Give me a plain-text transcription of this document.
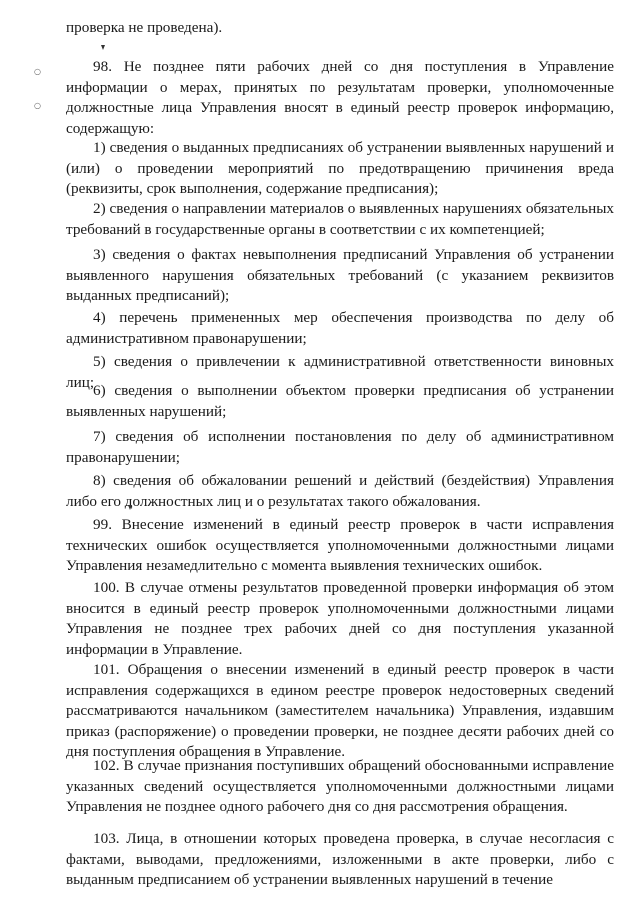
проверка не проведена).

98. Не позднее пяти рабочих дней со дня поступления в Управление информации о мерах, принятых по результатам проверки, уполномоченные должностные лица Управления вносят в единый реестр проверок информацию, содержащую:

1) сведения о выданных предписаниях об устранении выявленных нарушений и (или) о проведении мероприятий по предотвращению причинения вреда (реквизиты, срок выполнения, содержание предписания);

2) сведения о направлении материалов о выявленных нарушениях обязательных требований в государственные органы в соответствии с их компетенцией;

3) сведения о фактах невыполнения предписаний Управления об устранении выявленного нарушения обязательных требований (с указанием реквизитов выданных предписаний);

4) перечень примененных мер обеспечения производства по делу об административном правонарушении;

5) сведения о привлечении к административной ответственности виновных лиц;

6) сведения о выполнении объектом проверки предписания об устранении выявленных нарушений;

7) сведения об исполнении постановления по делу об административном правонарушении;

8) сведения об обжаловании решений и действий (бездействия) Управления либо его должностных лиц и о результатах такого обжалования.

99. Внесение изменений в единый реестр проверок в части исправления технических ошибок осуществляется уполномоченными должностными лицами Управления незамедлительно с момента выявления технических ошибок.

100. В случае отмены результатов проведенной проверки информация об этом вносится в единый реестр проверок уполномоченными должностными лицами Управления не позднее трех рабочих дней со дня поступления указанной информации в Управление.

101. Обращения о внесении изменений в единый реестр проверок в части исправления содержащихся в едином реестре проверок недостоверных сведений рассматриваются начальником (заместителем начальника) Управления, издавшим приказ (распоряжение) о проведении проверки, не позднее десяти рабочих дней со дня поступления обращения в Управление.

102. В случае признания поступивших обращений обоснованными исправление указанных сведений осуществляется уполномоченными должностными лицами Управления не позднее одного рабочего дня со дня рассмотрения обращения.

103. Лица, в отношении которых проведена проверка, в случае несогласия с фактами, выводами, предложениями, изложенными в акте проверки, либо с выданным предписанием об устранении выявленных нарушений в течение

○
○
